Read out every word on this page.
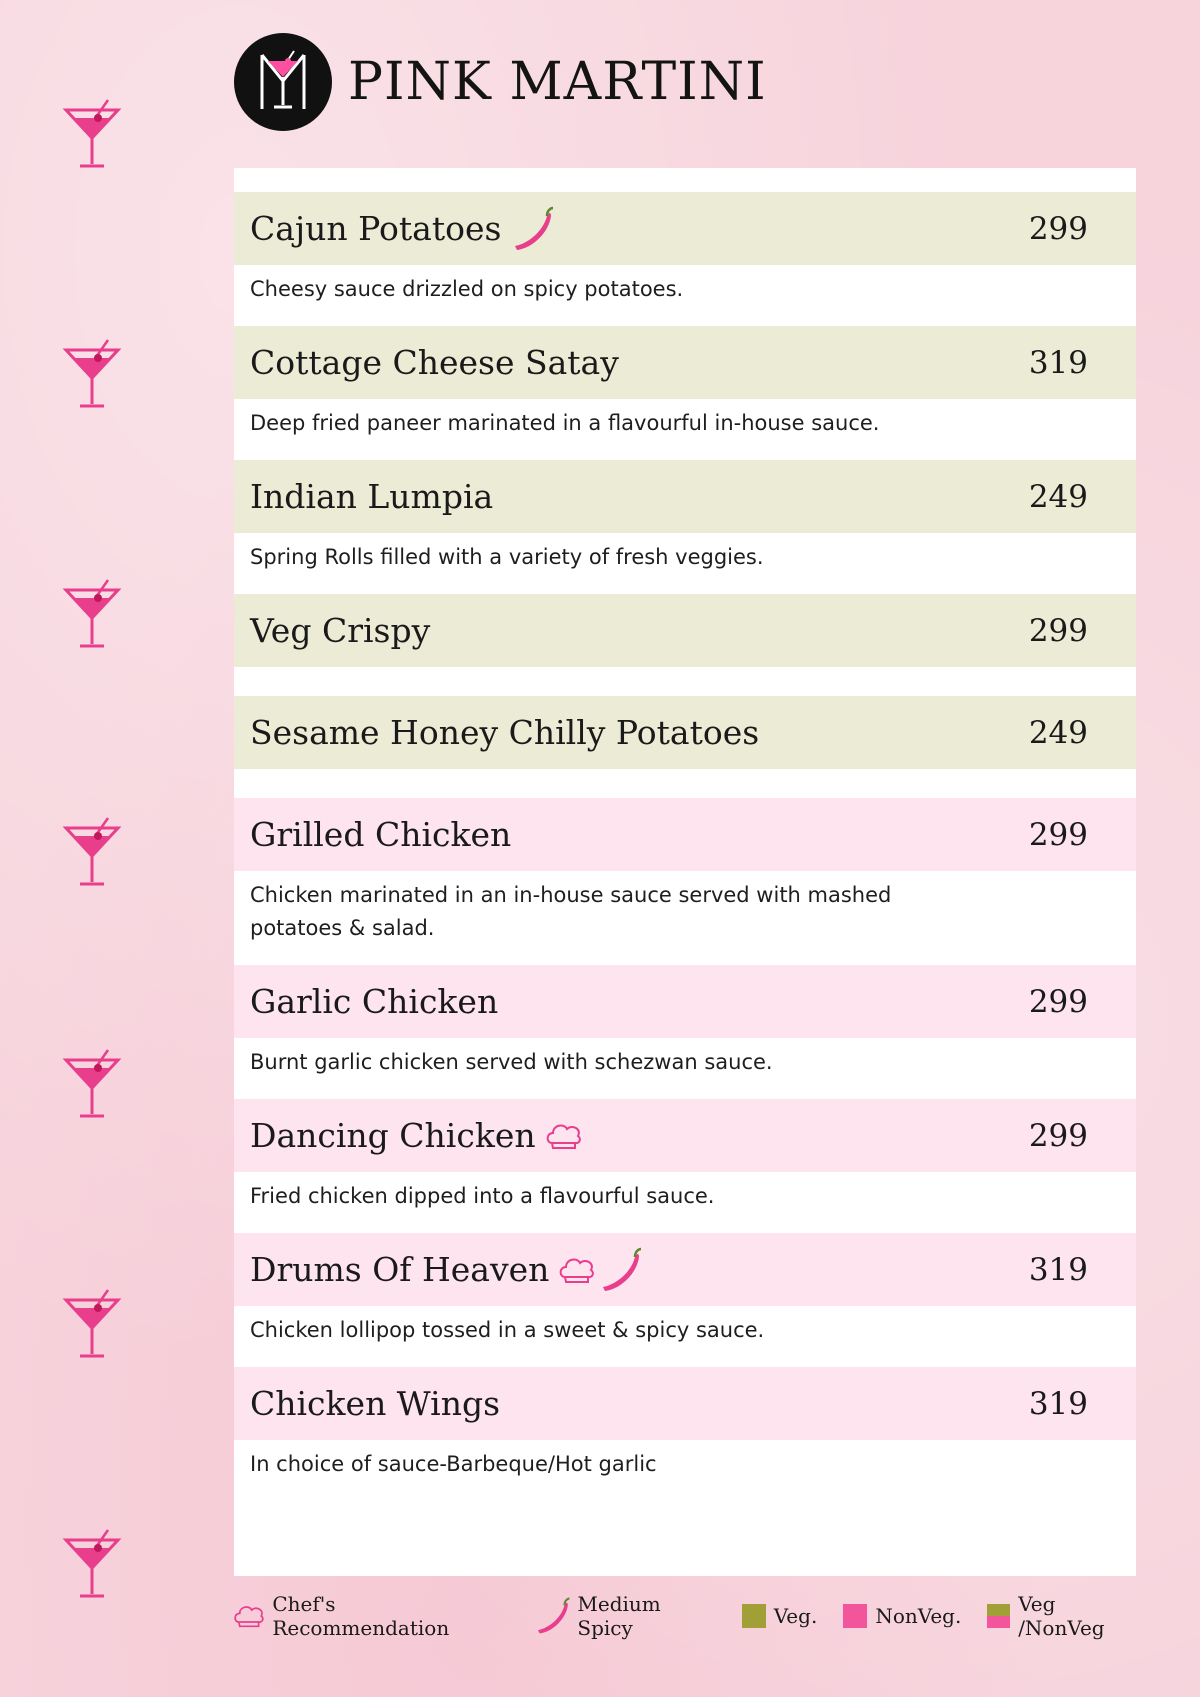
PINK MARTINI
Cajun Potatoes	299
Cheesy sauce drizzled on spicy potatoes.
Cottage Cheese Satay	319
Deep fried paneer marinated in a flavourful in-house sauce.
Indian Lumpia	249
Spring Rolls filled with a variety of fresh veggies.
Veg Crispy	299
Sesame Honey Chilly Potatoes	249
Grilled Chicken	299
Chicken marinated in an in-house sauce served with mashed potatoes & salad.
Garlic Chicken	299
Burnt garlic chicken served with schezwan sauce.
Dancing Chicken	299
Fried chicken dipped into a flavourful sauce.
Drums Of Heaven	319
Chicken lollipop tossed in a sweet & spicy sauce.
Chicken Wings	319
In choice of sauce-Barbeque/Hot garlic
Chef's Recommendation
Medium Spicy	Veg.	NonVeg.	Veg /NonVeg
